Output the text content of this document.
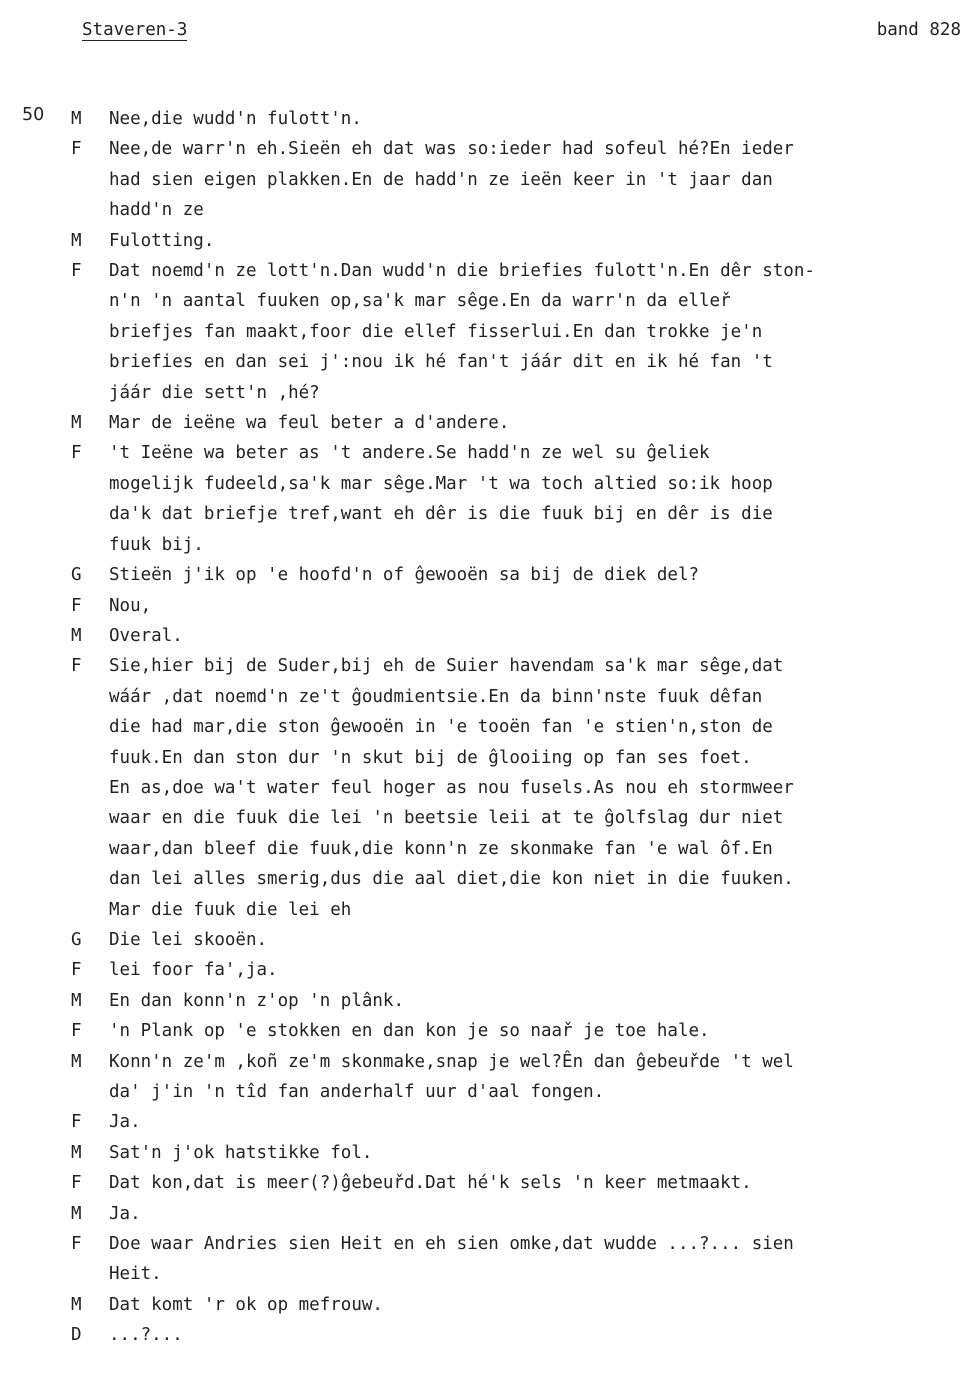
Staveren-3	band 828
50 M	Nee,die wudd'n fulott'n.
F	Nee,de warr'n eh.Sieën eh dat was so:ieder had sofeul hé?En ieder
had sien eigen plakken.En de hadd'n ze ieën keer in 't jaar dan
hadd'n ze
M	Fulotting.
F	Dat noemd'n ze lott'n.Dan wudd'n die briefies fulott'n.En dêr ston-
n'n 'n aantal fuuken op,sa'k mar sêge.En da warr'n da elleř
briefjes fan maakt,foor die ellef fisserlui.En dan trokke je'n
briefies en dan sei j':nou ik hé fan't jáár dit en ik hé fan 't
jáár die sett'n ,hé?
M	Mar de ieëne wa feul beter a d'andere.
F	't Ieëne wa beter as 't andere.Se hadd'n ze wel su ĝeliek
mogelijk fudeeld,sa'k mar sêge.Mar 't wa toch altied so:ik hoop
da'k dat briefje tref,want eh dêr is die fuuk bij en dêr is die
fuuk bij.
G	Stieën j'ik op 'e hoofd'n of ĝewooën sa bij de diek del?
F	Nou,
M	Overal.
F	Sie,hier bij de Suder,bij eh de Suier havendam sa'k mar sêge,dat
wáár ,dat noemd'n ze't ĝoudmientsie.En da binn'nste fuuk dêfan
die had mar,die ston ĝewooën in 'e tooën fan 'e stien'n,ston de
fuuk.En dan ston dur 'n skut bij de ĝlooiing op fan ses foet.
En as,doe wa't water feul hoger as nou fusels.As nou eh stormweer
waar en die fuuk die lei 'n beetsie leii at te ĝolfslag dur niet
waar,dan bleef die fuuk,die konn'n ze skonmake fan 'e wal ôf.En
dan lei alles smerig,dus die aal diet,die kon niet in die fuuken.
Mar die fuuk die lei eh
G	Die lei skooën.
F	lei foor fa',ja.
M	En dan konn'n z'op 'n plânk.
F	'n Plank op 'e stokken en dan kon je so naař je toe hale.
M	Konn'n ze'm ,koñ ze'm skonmake,snap je wel?Ên dan ĝebeuřde 't wel
da' j'in 'n tîd fan anderhalf uur d'aal fongen.
F	Ja.
M	Sat'n j'ok hatstikke fol.
F	Dat kon,dat is meer(?)ĝebeuřd.Dat hé'k sels 'n keer metmaakt.
M	Ja.
F	Doe waar Andries sien Heit en eh sien omke,dat wudde ...?... sien
Heit.
M	Dat komt 'r ok op mefrouw.
D	...?...
